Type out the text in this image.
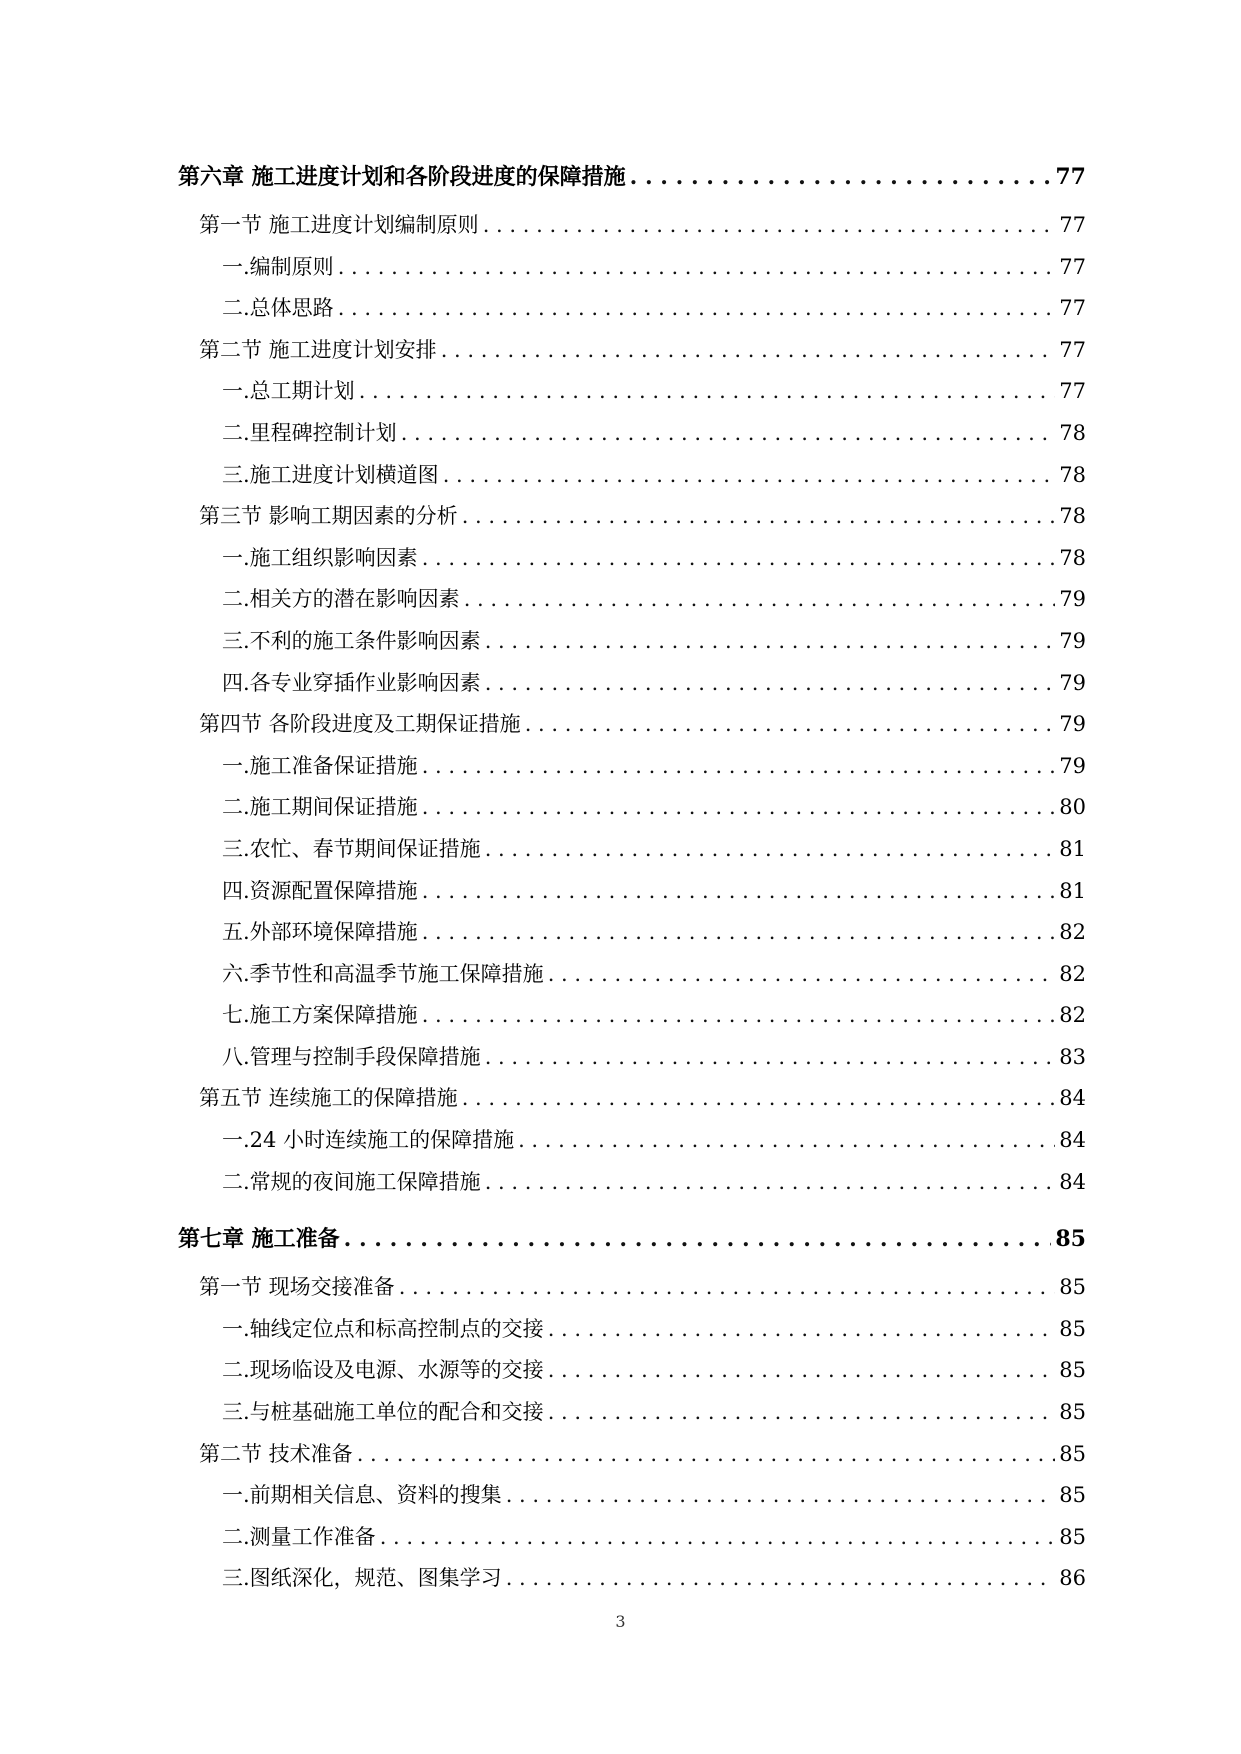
第六章 施工进度计划和各阶段进度的保障措施 . . .	77
第一节 施工进度计划编制原则 . . .	77
一.编制原则 . . .	77
二.总体思路 . . .	77
第二节 施工进度计划安排 . . .	77
一.总工期计划 . . .	77
二.里程碑控制计划 . . .	78
三.施工进度计划横道图 . . .	78
第三节 影响工期因素的分析 . . .	78
一.施工组织影响因素 . . .	78
二.相关方的潜在影响因素 . . .	79
三.不利的施工条件影响因素 . . .	79
四.各专业穿插作业影响因素 . . .	79
第四节 各阶段进度及工期保证措施 . . .	79
一.施工准备保证措施 . . .	79
二.施工期间保证措施 . . .	80
三.农忙、春节期间保证措施 . . .	81
四.资源配置保障措施 . . .	81
五.外部环境保障措施 . . .	82
六.季节性和高温季节施工保障措施 . . .	82
七.施工方案保障措施 . . .	82
八.管理与控制手段保障措施 . . .	83
第五节 连续施工的保障措施 . . .	84
一.24 小时连续施工的保障措施 . . .	84
二.常规的夜间施工保障措施 . . .	84
第七章 施工准备 . . .	85
第一节 现场交接准备 . . .	85
一.轴线定位点和标高控制点的交接 . . .	85
二.现场临设及电源、水源等的交接 . . .	85
三.与桩基础施工单位的配合和交接 . . .	85
第二节 技术准备 . . .	85
一.前期相关信息、资料的搜集 . . .	85
二.测量工作准备 . . .	85
三.图纸深化，规范、图集学习 . . .	86
3
